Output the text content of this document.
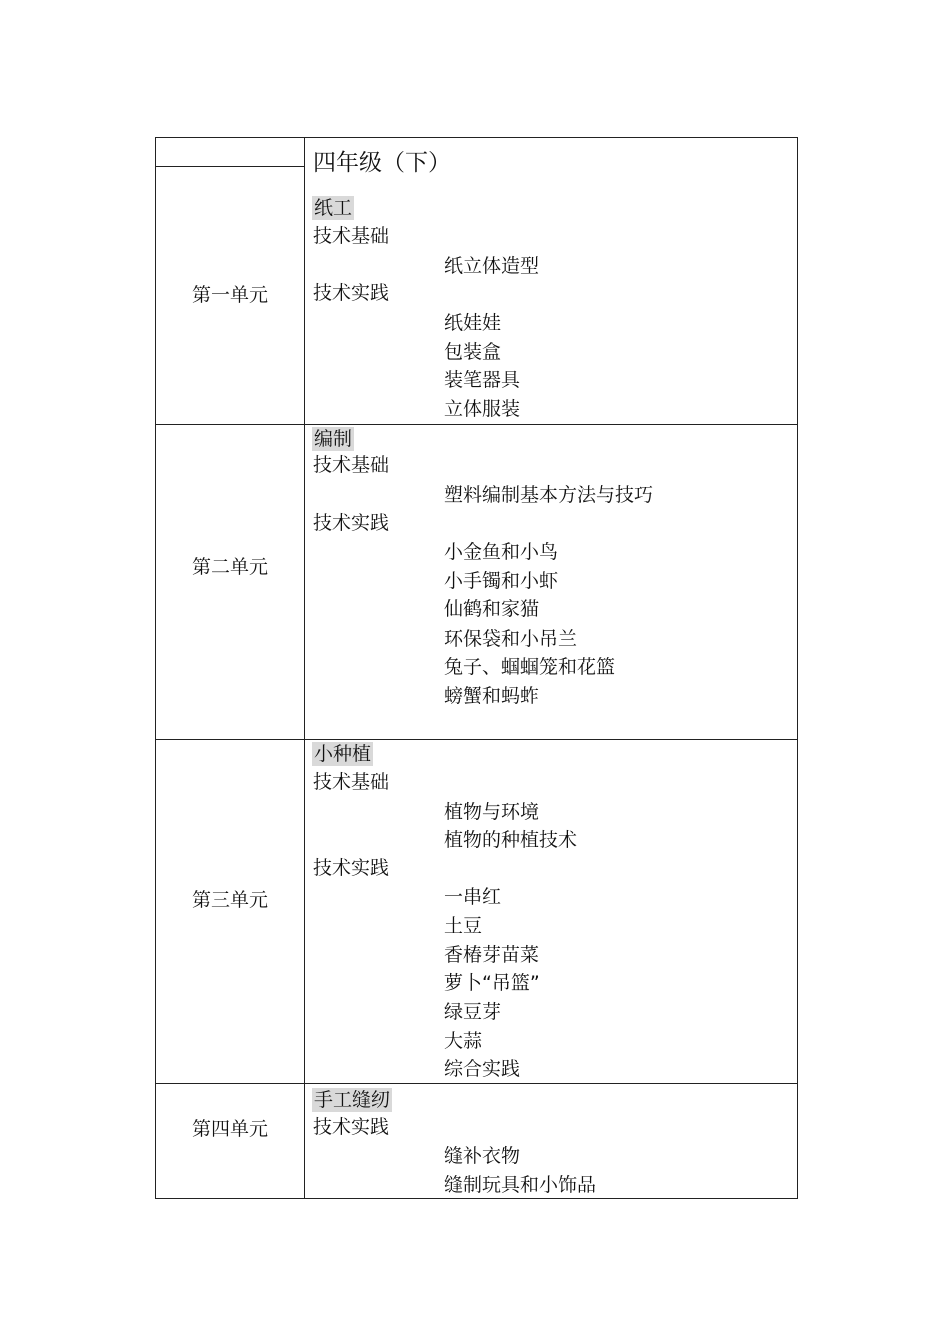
四年级（下）
纸工
技术基础
纸立体造型
技术实践
纸娃娃
包装盒
装笔器具
立体服装
第一单元
第二单元
编制
技术基础
塑料编制基本方法与技巧
技术实践
小金鱼和小鸟
小手镯和小虾
仙鹤和家猫
环保袋和小吊兰
兔子、蝈蝈笼和花篮
螃蟹和蚂蚱
第三单元
小种植
技术基础
植物与环境
植物的种植技术
技术实践
一串红
土豆
香椿芽苗菜
萝卜“吊篮”
绿豆芽
大蒜
综合实践
第四单元
手工缝纫
技术实践
缝补衣物
缝制玩具和小饰品
